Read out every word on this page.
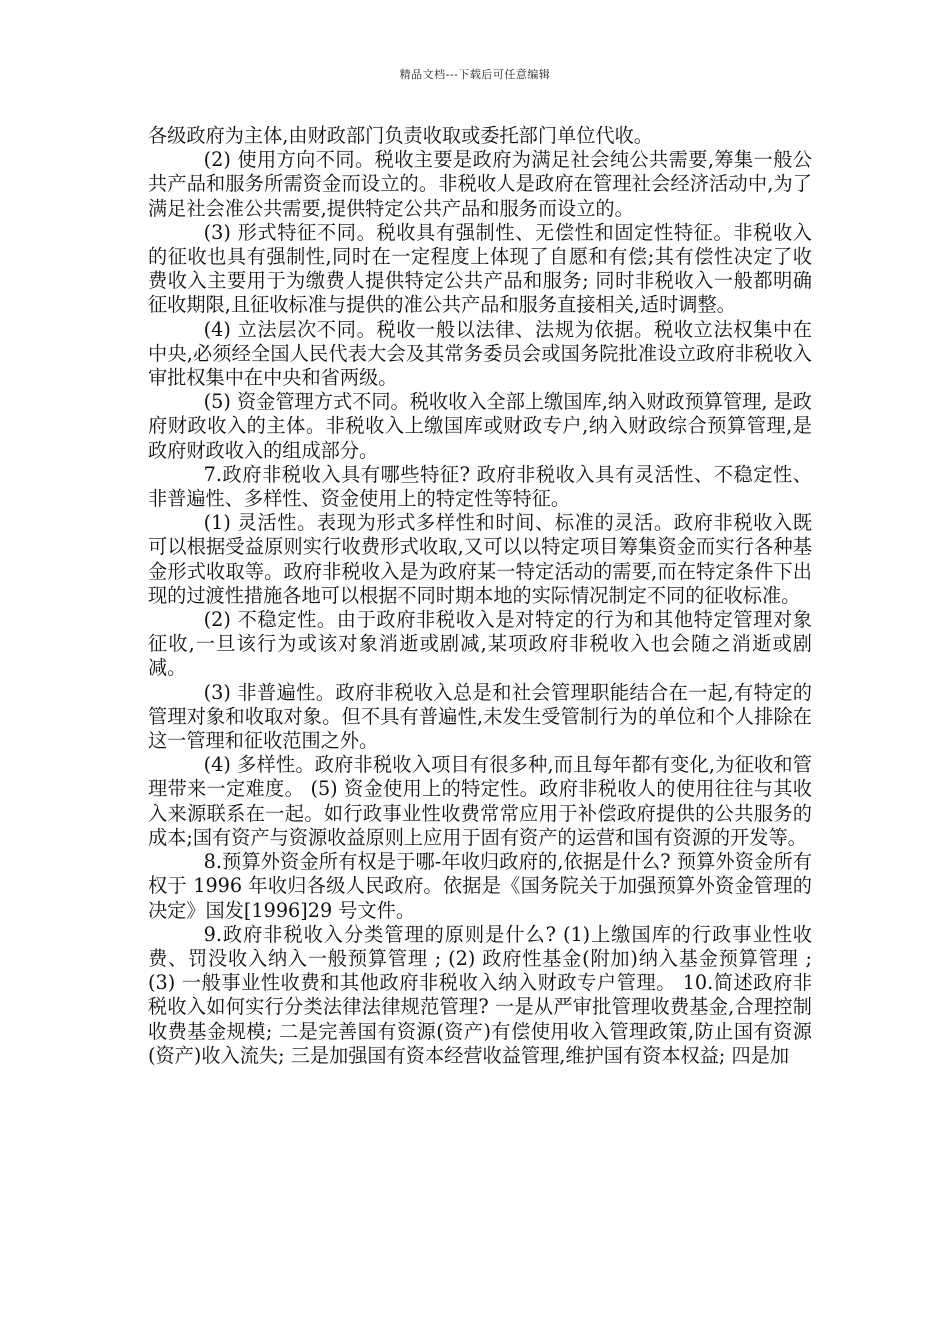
精品文档---下载后可任意编辑

各级政府为主体,由财政部门负责收取或委托部门单位代收。

(2) 使用方向不同。税收主要是政府为满足社会纯公共需要,筹集一般公共产品和服务所需资金而设立的。非税收人是政府在管理社会经济活动中,为了满足社会准公共需要,提供特定公共产品和服务而设立的。

(3) 形式特征不同。税收具有强制性、无偿性和固定性特征。非税收入的征收也具有强制性,同时在一定程度上体现了自愿和有偿;其有偿性决定了收费收入主要用于为缴费人提供特定公共产品和服务; 同时非税收入一般都明确征收期限,且征收标准与提供的准公共产品和服务直接相关,适时调整。

(4) 立法层次不同。税收一般以法律、法规为依据。税收立法权集中在中央,必须经全国人民代表大会及其常务委员会或国务院批准设立政府非税收入审批权集中在中央和省两级。

(5) 资金管理方式不同。税收收入全部上缴国库,纳入财政预算管理, 是政府财政收入的主体。非税收入上缴国库或财政专户,纳入财政综合预算管理,是政府财政收入的组成部分。

7.政府非税收入具有哪些特征? 政府非税收入具有灵活性、不稳定性、非普遍性、多样性、资金使用上的特定性等特征。

(1) 灵活性。表现为形式多样性和时间、标准的灵活。政府非税收入既可以根据受益原则实行收费形式收取,又可以以特定项目筹集资金而实行各种基金形式收取等。政府非税收入是为政府某一特定活动的需要,而在特定条件下出现的过渡性措施各地可以根据不同时期本地的实际情况制定不同的征收标准。

(2) 不稳定性。由于政府非税收入是对特定的行为和其他特定管理对象征收,一旦该行为或该对象消逝或剧减,某项政府非税收入也会随之消逝或剧减。

(3) 非普遍性。政府非税收入总是和社会管理职能结合在一起,有特定的管理对象和收取对象。但不具有普遍性,未发生受管制行为的单位和个人排除在这一管理和征收范围之外。

(4) 多样性。政府非税收入项目有很多种,而且每年都有变化,为征收和管理带来一定难度。 (5) 资金使用上的特定性。政府非税收人的使用往往与其收入来源联系在一起。如行政事业性收费常常应用于补偿政府提供的公共服务的成本;国有资产与资源收益原则上应用于固有资产的运营和国有资源的开发等。

8.预算外资金所有权是于哪-年收归政府的,依据是什么? 预算外资金所有权于 1996 年收归各级人民政府。依据是《国务院关于加强预算外资金管理的决定》国发[1996]29 号文件。

9.政府非税收入分类管理的原则是什么? (1)上缴国库的行政事业性收费、罚没收入纳入一般预算管理 ; (2) 政府性基金(附加)纳入基金预算管理 ; (3) 一般事业性收费和其他政府非税收入纳入财政专户管理。 10.简述政府非税收入如何实行分类法律法律规范管理? 一是从严审批管理收费基金,合理控制收费基金规模; 二是完善国有资源(资产)有偿使用收入管理政策,防止国有资源(资产)收入流失; 三是加强国有资本经营收益管理,维护国有资本权益; 四是加
